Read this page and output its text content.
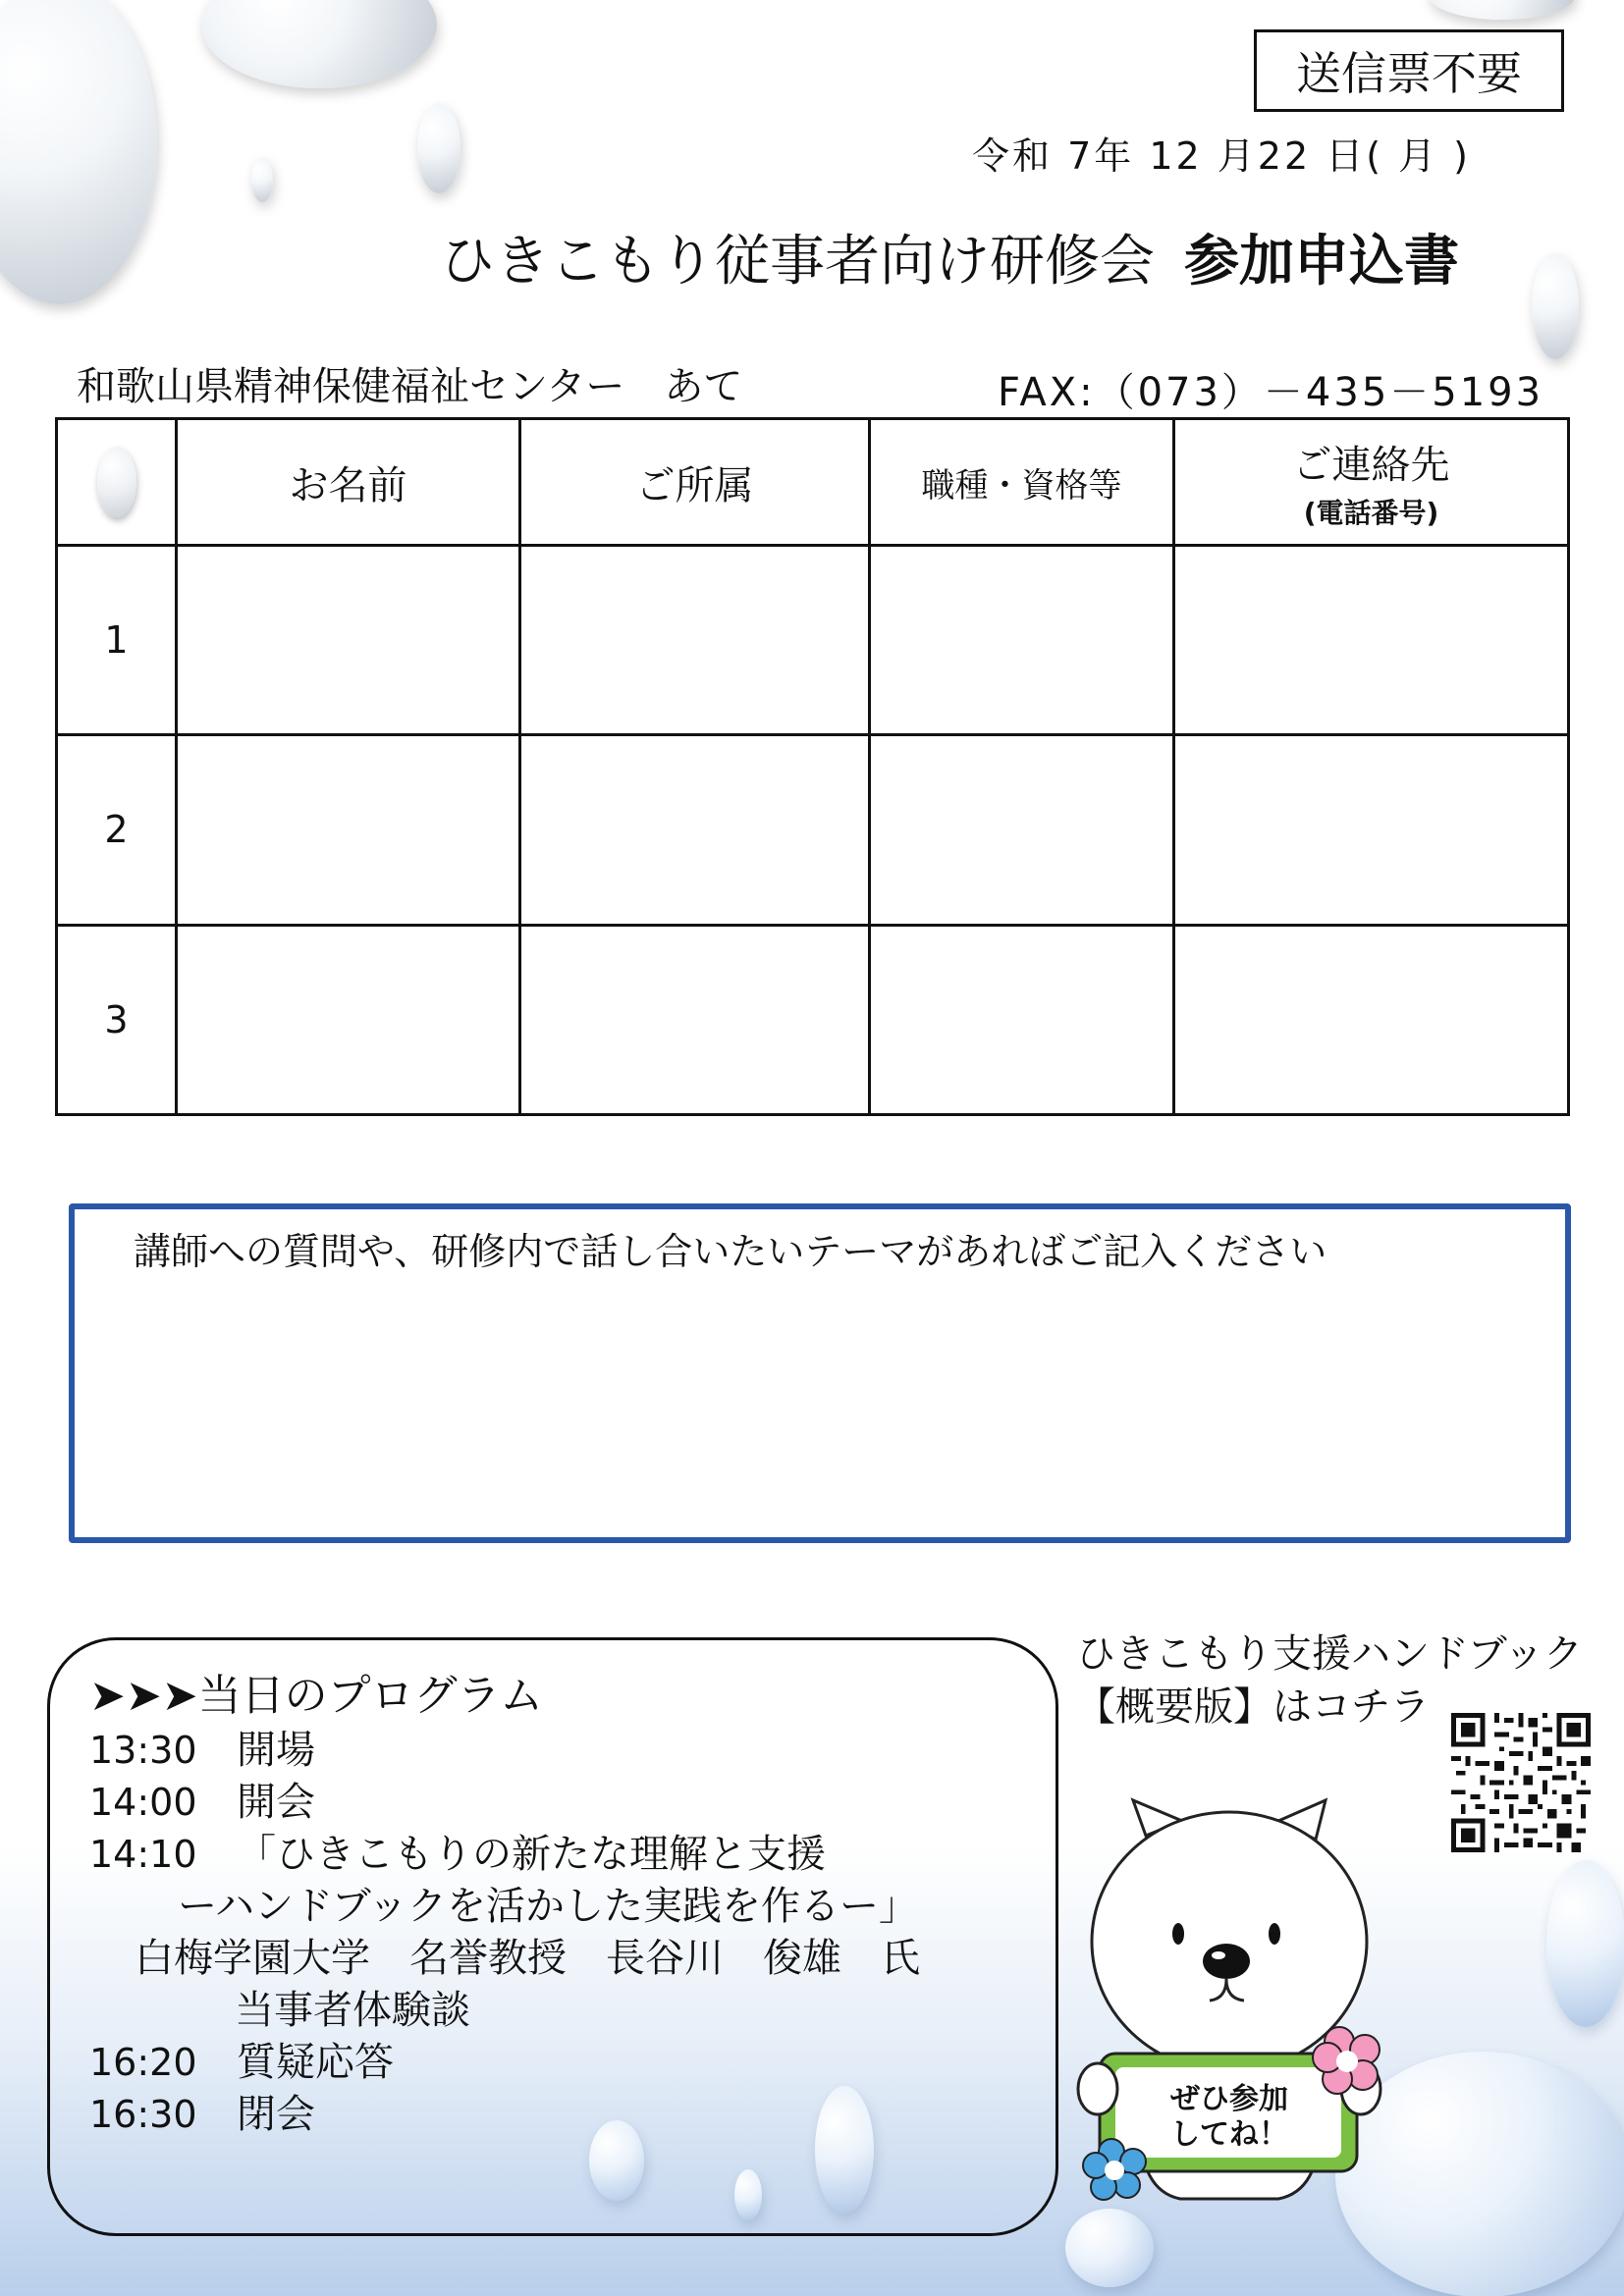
送信票不要
令和 7年 12 月22 日( 月 )
ひきこもり従事者向け研修会 参加申込書
和歌山県精神保健福祉センター　あて	FAX:（073）－435－5193
	お名前	ご所属	職種・資格等	ご連絡先
(電話番号)

1				
2				
3				
講師への質問や、研修内で話し合いたいテーマがあればご記入ください
➤➤➤当日のプログラム
13:30 開場
14:00 開会
14:10 「ひきこもりの新たな理解と支援
ーハンドブックを活かした実践を作るー」
白梅学園大学　名誉教授　長谷川　俊雄　氏
当事者体験談
16:20 質疑応答
16:30 閉会
ひきこもり支援ハンドブック
【概要版】はコチラ
ぜひ参加
してね！
